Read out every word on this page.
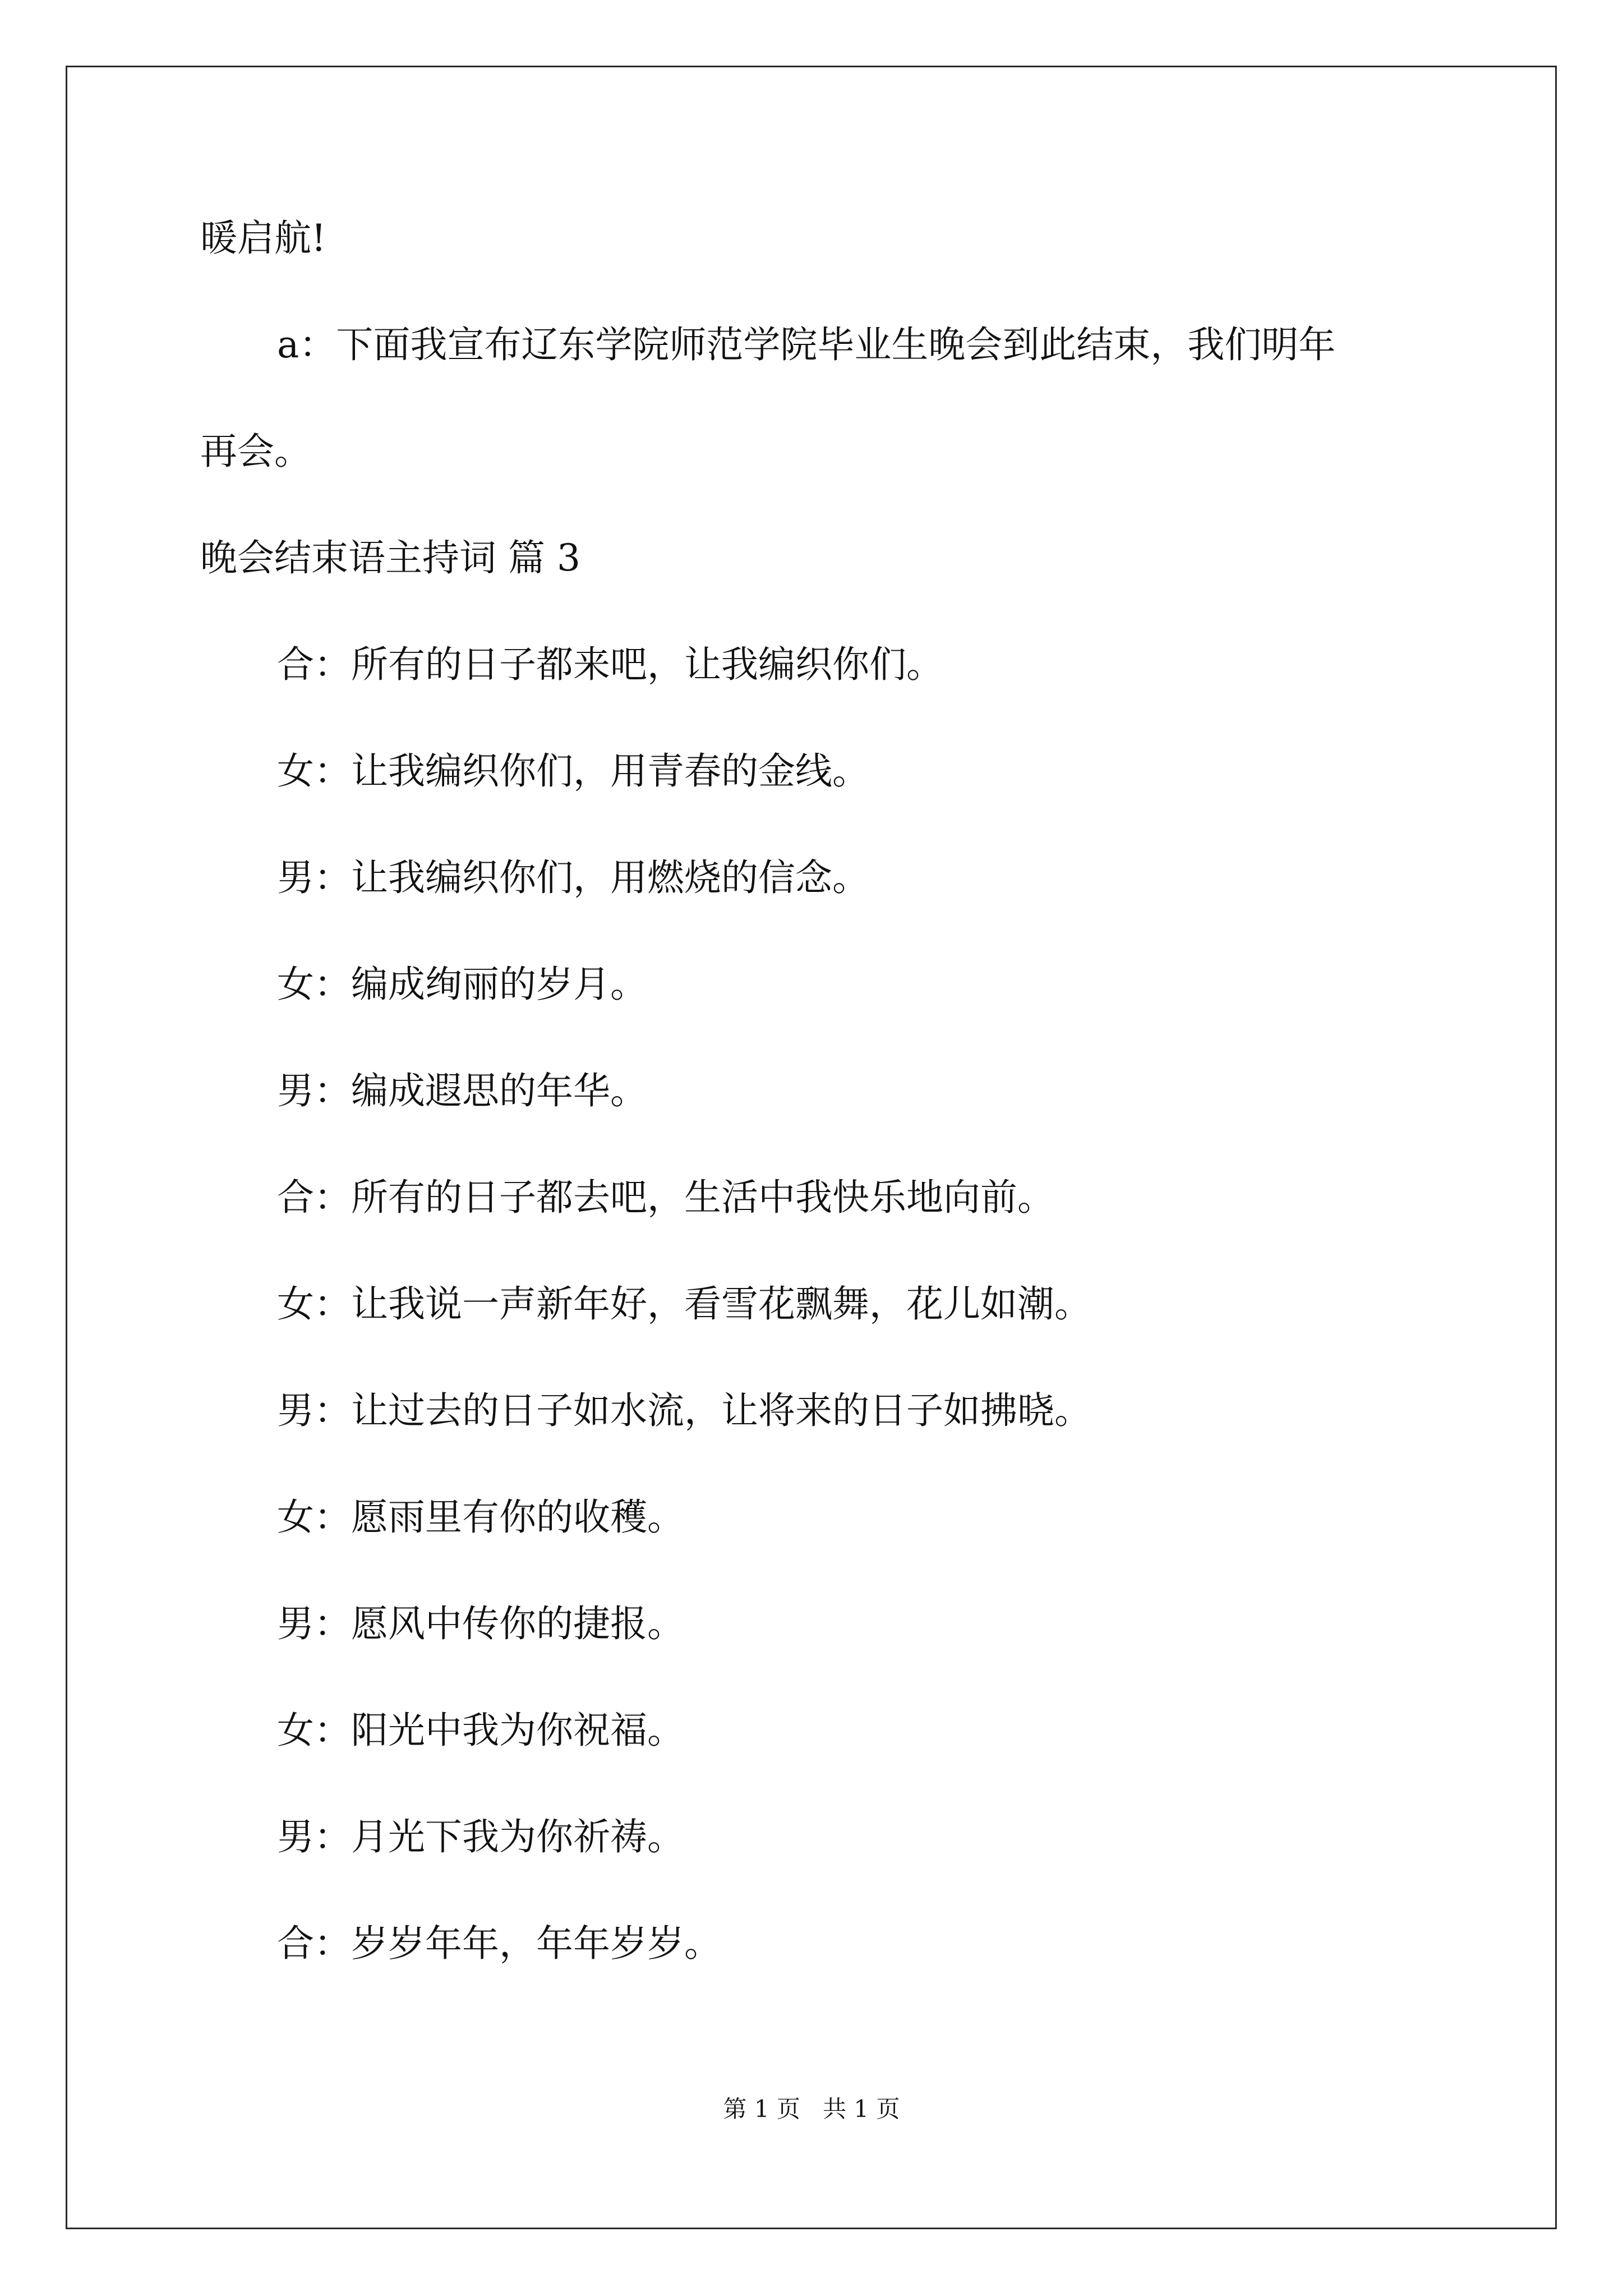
暖启航!

a：下面我宣布辽东学院师范学院毕业生晚会到此结束，我们明年

再会。

晚会结束语主持词 篇 3

合：所有的日子都来吧，让我编织你们。

女：让我编织你们，用青春的金线。

男：让我编织你们，用燃烧的信念。

女：编成绚丽的岁月。

男：编成遐思的年华。

合：所有的日子都去吧，生活中我快乐地向前。

女：让我说一声新年好，看雪花飘舞，花儿如潮。

男：让过去的日子如水流，让将来的日子如拂晓。

女：愿雨里有你的收穫。

男：愿风中传你的捷报。

女：阳光中我为你祝福。

男：月光下我为你祈祷。

合：岁岁年年，年年岁岁。

第 1 页 共 1 页
